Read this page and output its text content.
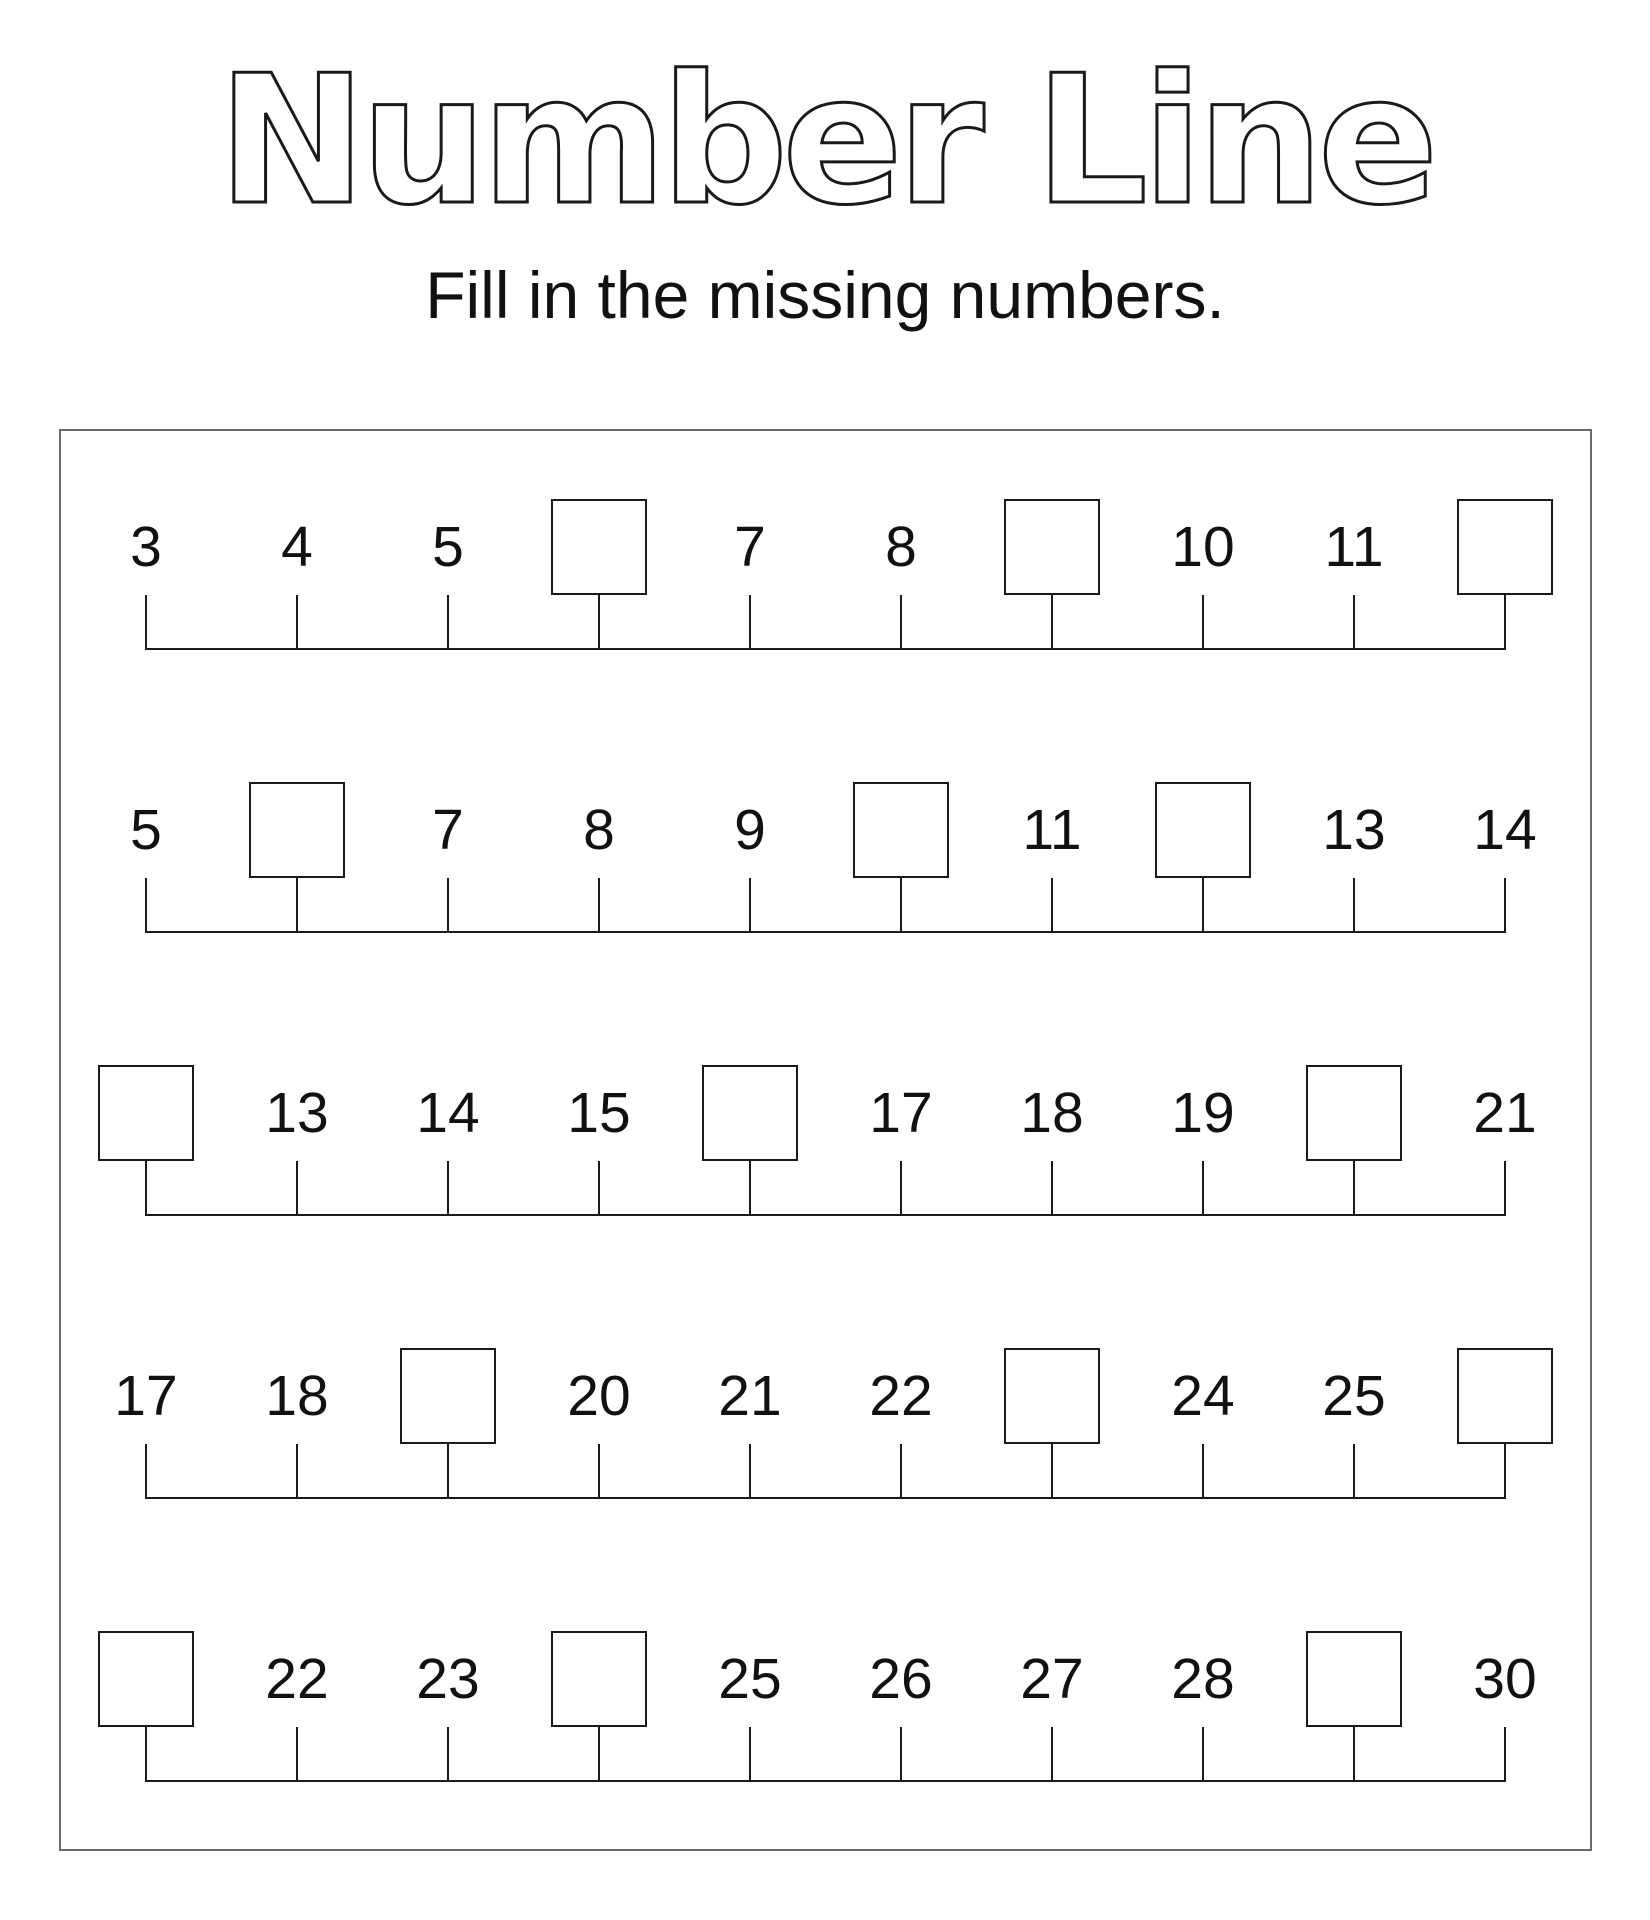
Number Line
Fill in the missing numbers.
3	4	5	7	8	10	11
5	7	8	9	11	13	14
13	14	15	17	18	19	21
17	18	20	21	22	24	25
22	23	25	26	27	28	30
